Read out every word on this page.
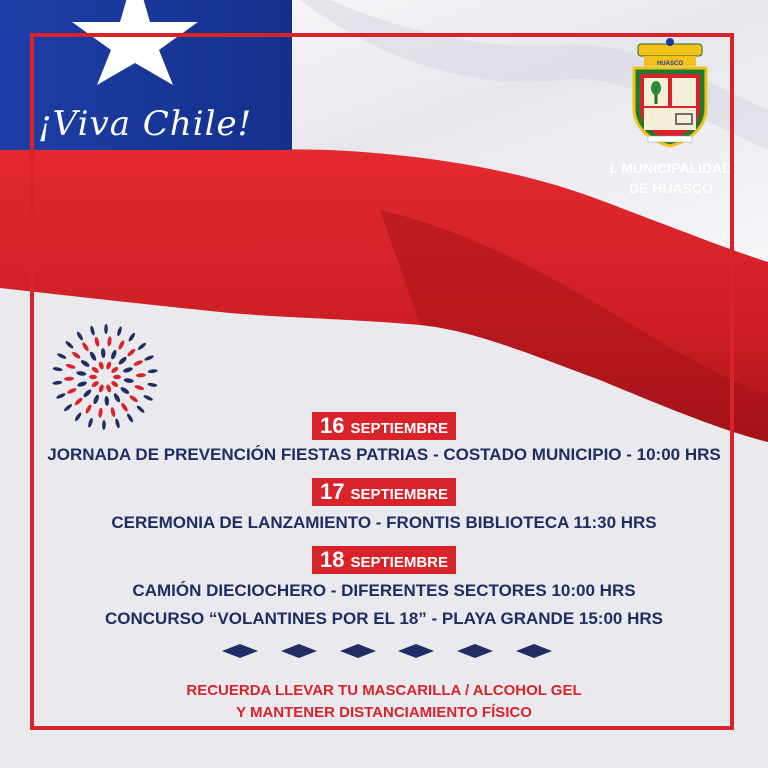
¡Viva Chile!
HUASCO
I. MUNICIPALIDAD
DE HUASCO
16 SEPTIEMBRE
JORNADA DE PREVENCIÓN FIESTAS PATRIAS - COSTADO MUNICIPIO - 10:00 HRS
17 SEPTIEMBRE
CEREMONIA DE LANZAMIENTO - FRONTIS BIBLIOTECA 11:30 HRS
18 SEPTIEMBRE
CAMIÓN DIECIOCHERO - DIFERENTES SECTORES 10:00 HRS
CONCURSO “VOLANTINES POR EL 18” - PLAYA GRANDE 15:00 HRS
RECUERDA LLEVAR TU MASCARILLA / ALCOHOL GEL
Y MANTENER DISTANCIAMIENTO FÍSICO
